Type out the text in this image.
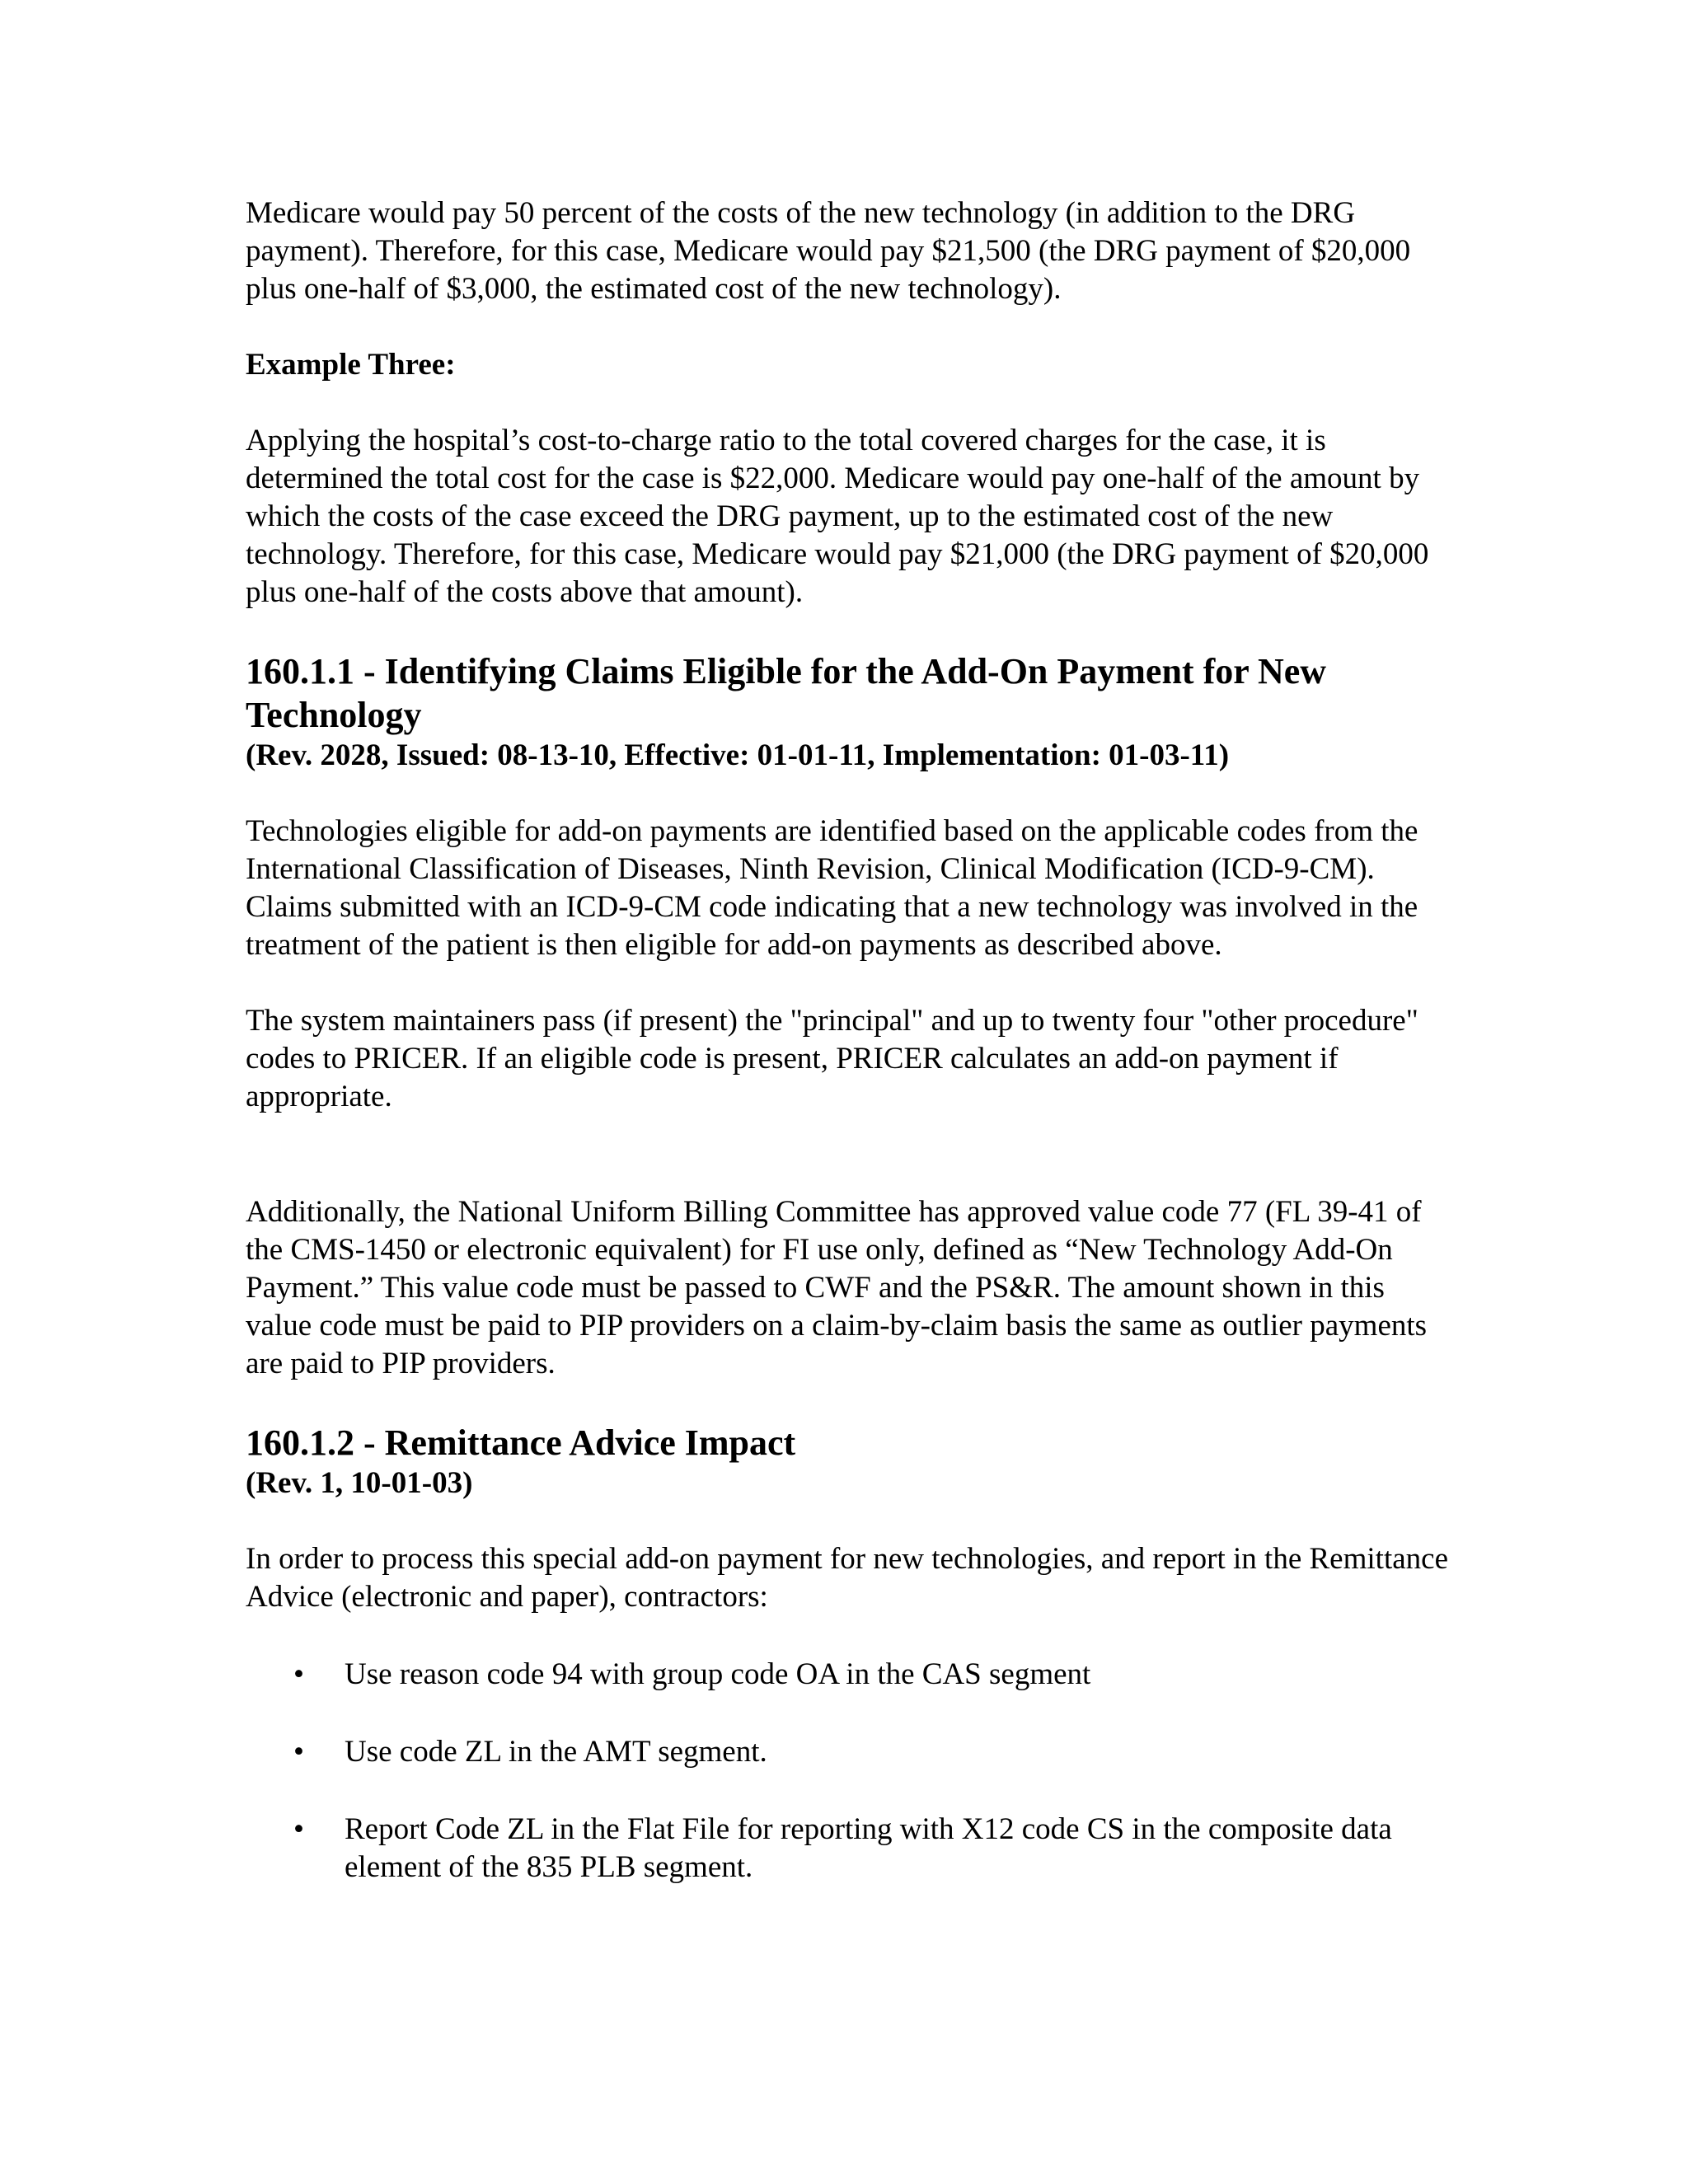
Medicare would pay 50 percent of the costs of the new technology (in addition to the DRG payment). Therefore, for this case, Medicare would pay $21,500 (the DRG payment of $20,000 plus one-half of $3,000, the estimated cost of the new technology).

Example Three:

Applying the hospital’s cost-to-charge ratio to the total covered charges for the case, it is determined the total cost for the case is $22,000. Medicare would pay one-half of the amount by which the costs of the case exceed the DRG payment, up to the estimated cost of the new technology. Therefore, for this case, Medicare would pay $21,000 (the DRG payment of $20,000 plus one-half of the costs above that amount).

160.1.1 - Identifying Claims Eligible for the Add-On Payment for New Technology

(Rev. 2028, Issued: 08-13-10, Effective: 01-01-11, Implementation: 01-03-11)

Technologies eligible for add-on payments are identified based on the applicable codes from the International Classification of Diseases, Ninth Revision, Clinical Modification (ICD-9-CM). Claims submitted with an ICD-9-CM code indicating that a new technology was involved in the treatment of the patient is then eligible for add-on payments as described above.

The system maintainers pass (if present) the "principal" and up to twenty four "other procedure" codes to PRICER. If an eligible code is present, PRICER calculates an add-on payment if appropriate.

Additionally, the National Uniform Billing Committee has approved value code 77 (FL 39-41 of the CMS-1450 or electronic equivalent) for FI use only, defined as “New Technology Add-On Payment.” This value code must be passed to CWF and the PS&R. The amount shown in this value code must be paid to PIP providers on a claim-by-claim basis the same as outlier payments are paid to PIP providers.

160.1.2 - Remittance Advice Impact

(Rev. 1, 10-01-03)

In order to process this special add-on payment for new technologies, and report in the Remittance Advice (electronic and paper), contractors:

• Use reason code 94 with group code OA in the CAS segment
• Use code ZL in the AMT segment.
• Report Code ZL in the Flat File for reporting with X12 code CS in the composite data element of the 835 PLB segment.
